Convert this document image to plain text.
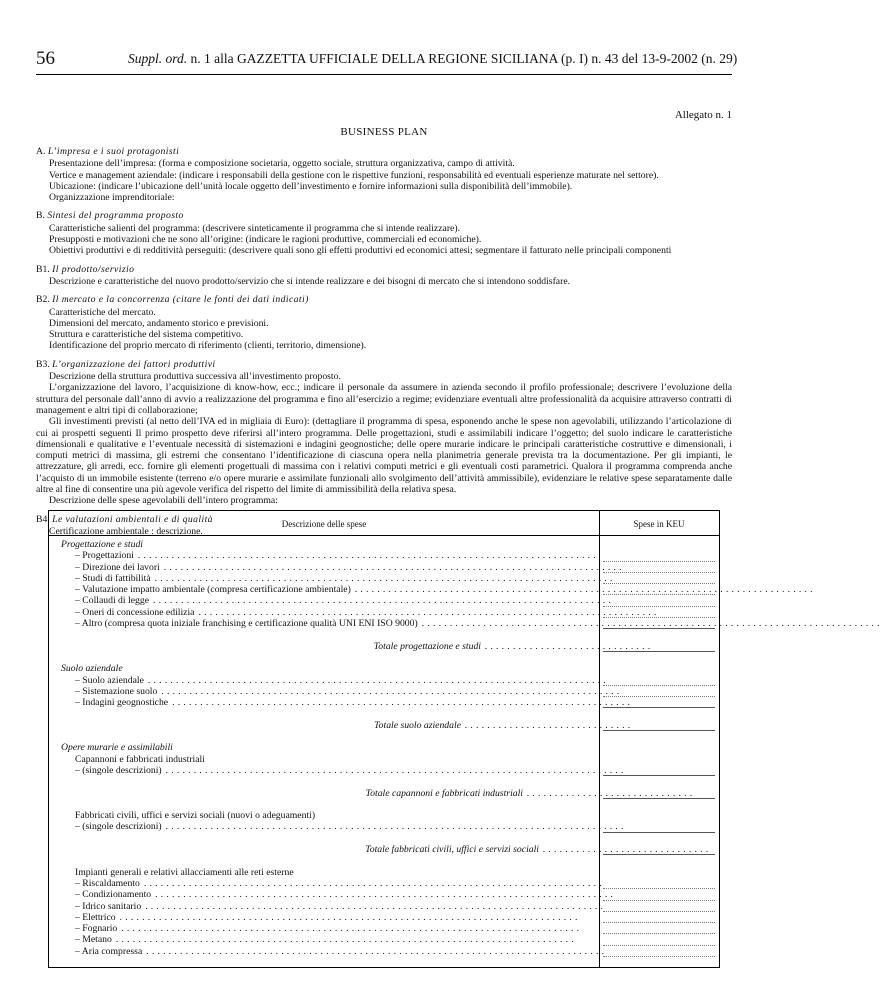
56	Suppl. ord. n. 1 alla GAZZETTA UFFICIALE DELLA REGIONE SICILIANA (p. I) n. 43 del 13-9-2002 (n. 29)
Allegato n. 1
BUSINESS PLAN
A. L’impresa e i suoi protagonisti

Presentazione dell’impresa: (forma e composizione societaria, oggetto sociale, struttura organizzativa, campo di attività.

Vertice e management aziendale: (indicare i responsabili della gestione con le rispettive funzioni, responsabilità ed eventuali esperienze maturate nel settore).

Ubicazione: (indicare l’ubicazione dell’unità locale oggetto dell’investimento e fornire informazioni sulla disponibilità dell’immobile).

Organizzazione imprenditoriale:

B. Sintesi del programma proposto

Caratteristiche salienti del programma: (descrivere sinteticamente il programma che si intende realizzare).

Presupposti e motivazioni che ne sono all’origine: (indicare le ragioni produttive, commerciali ed economiche).

Obiettivi produttivi e di redditività perseguiti: (descrivere quali sono gli effetti produttivi ed economici attesi; segmentare il fatturato nelle principali componenti

B1. Il prodotto/servizio

Descrizione e caratteristiche del nuovo prodotto/servizio che si intende realizzare e dei bisogni di mercato che si intendono soddisfare.

B2. Il mercato e la concorrenza (citare le fonti dei dati indicati)

Caratteristiche del mercato.

Dimensioni del mercato, andamento storico e previsioni.

Struttura e caratteristiche del sistema competitivo.

Identificazione del proprio mercato di riferimento (clienti, territorio, dimensione).

B3. L’organizzazione dei fattori produttivi

Descrizione della struttura produttiva successiva all’investimento proposto.

L’organizzazione del lavoro, l’acquisizione di know-how, ecc.; indicare il personale da assumere in azienda secondo il profilo professionale; descrivere l’evoluzione della struttura del personale dall’anno di avvio a realizzazione del programma e fino all’esercizio a regime; evidenziare eventuali altre professionalità da acquisire attraverso contratti di management e altri tipi di collaborazione;

Gli investimenti previsti (al netto dell’IVA ed in migliaia di Euro): (dettagliare il programma di spesa, esponendo anche le spese non agevolabili, utilizzando l’articolazione di cui ai prospetti seguenti Il primo prospetto deve riferirsi all’intero programma. Delle progettazioni, studi e assimilabili indicare l’oggetto; del suolo indicare le caratteristiche dimensionali e qualitative e l’eventuale necessità di sistemazioni e indagini geognostiche; delle opere murarie indicare le principali caratteristiche costruttive e dimensionali, i computi metrici di massima, gli estremi che consentano l’identificazione di ciascuna opera nella planimetria generale prevista tra la documentazione. Per gli impianti, le attrezzature, gli arredi, ecc. fornire gli elementi progettuali di massima con i relativi computi metrici e gli eventuali costi parametrici. Qualora il programma comprenda anche l’acquisto di un immobile esistente (terreno e/o opere murarie e assimilate funzionali allo svolgimento dell’attività ammissibile), evidenziare le relative spese separatamente dalle altre al fine di consentire una più agevole verifica del rispetto del limite di ammissibilità della relativa spesa.

Descrizione delle spese agevolabili dell’intero programma:

B4. Le valutazioni ambientali e di qualità

Certificazione ambientale : descrizione.

Descrizione delle spese	Spese in KEU
Progettazione e studi
– Progettazioni ..................................................................................
– Direzione dei lavori ..................................................................................
– Studi di fattibilità ..................................................................................
– Valutazione impatto ambientale (compresa certificazione ambientale) ..................................................................................
– Collaudi di legge ..................................................................................
– Oneri di concessione edilizia ..................................................................................
– Altro (compresa quota iniziale franchising e certificazione qualità UNI ENI ISO 9000) ..................................................................................
Totale progettazione e studi ..............................
Suolo aziendale
– Suolo aziendale ..................................................................................
– Sistemazione suolo ..................................................................................
– Indagini geognostiche ..................................................................................
Totale suolo aziendale ..............................
Opere murarie e assimilabili
Capannoni e fabbricati industriali
– (singole descrizioni) ..................................................................................
Totale capannoni e fabbricati industriali ..............................
Fabbricati civili, uffici e servizi sociali (nuovi o adeguamenti)
– (singole descrizioni) ..................................................................................
Totale fabbricati civili, uffici e servizi sociali ..............................
Impianti generali e relativi allacciamenti alle reti esterne
– Riscaldamento ..................................................................................
– Condizionamento ..................................................................................
– Idrico sanitario ..................................................................................
– Elettrico ..................................................................................
– Fognario ..................................................................................
– Metano ..................................................................................
– Aria compressa ..................................................................................
